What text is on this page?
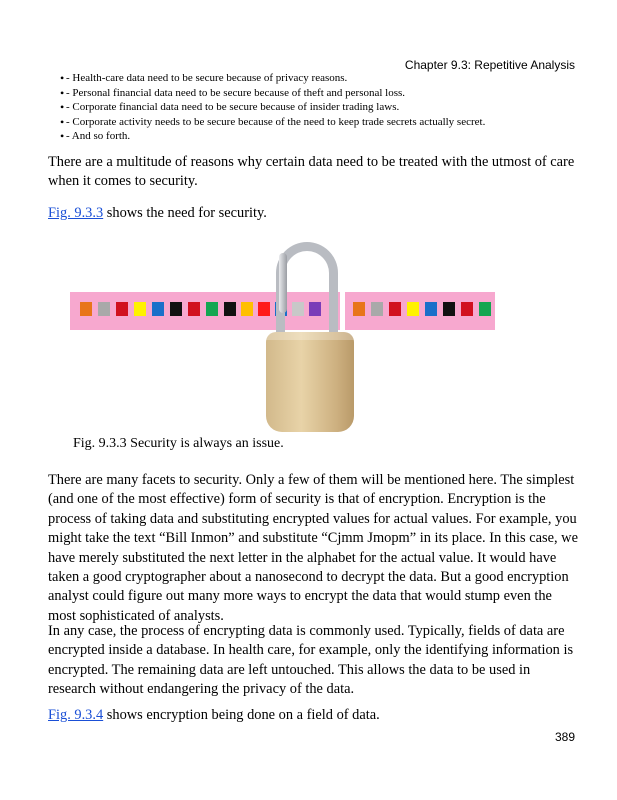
Chapter 9.3: Repetitive Analysis
• - Health-care data need to be secure because of privacy reasons.
• - Personal financial data need to be secure because of theft and personal loss.
• - Corporate financial data need to be secure because of insider trading laws.
• - Corporate activity needs to be secure because of the need to keep trade secrets actually secret.
• - And so forth.

There are a multitude of reasons why certain data need to be treated with the utmost of care when it comes to security.

Fig. 9.3.3 shows the need for security.

Fig. 9.3.3 Security is always an issue.

There are many facets to security. Only a few of them will be mentioned here. The simplest (and one of the most effective) form of security is that of encryption. Encryption is the process of taking data and substituting encrypted values for actual values. For example, you might take the text “Bill Inmon” and substitute “Cjmm Jmopm” in its place. In this case, we have merely substituted the next letter in the alphabet for the actual value. It would have taken a good cryptographer about a nanosecond to decrypt the data. But a good encryption analyst could figure out many more ways to encrypt the data that would stump even the most sophisticated of analysts.

In any case, the process of encrypting data is commonly used. Typically, fields of data are encrypted inside a database. In health care, for example, only the identifying information is encrypted. The remaining data are left untouched. This allows the data to be used in research without endangering the privacy of the data.

Fig. 9.3.4 shows encryption being done on a field of data.

389
